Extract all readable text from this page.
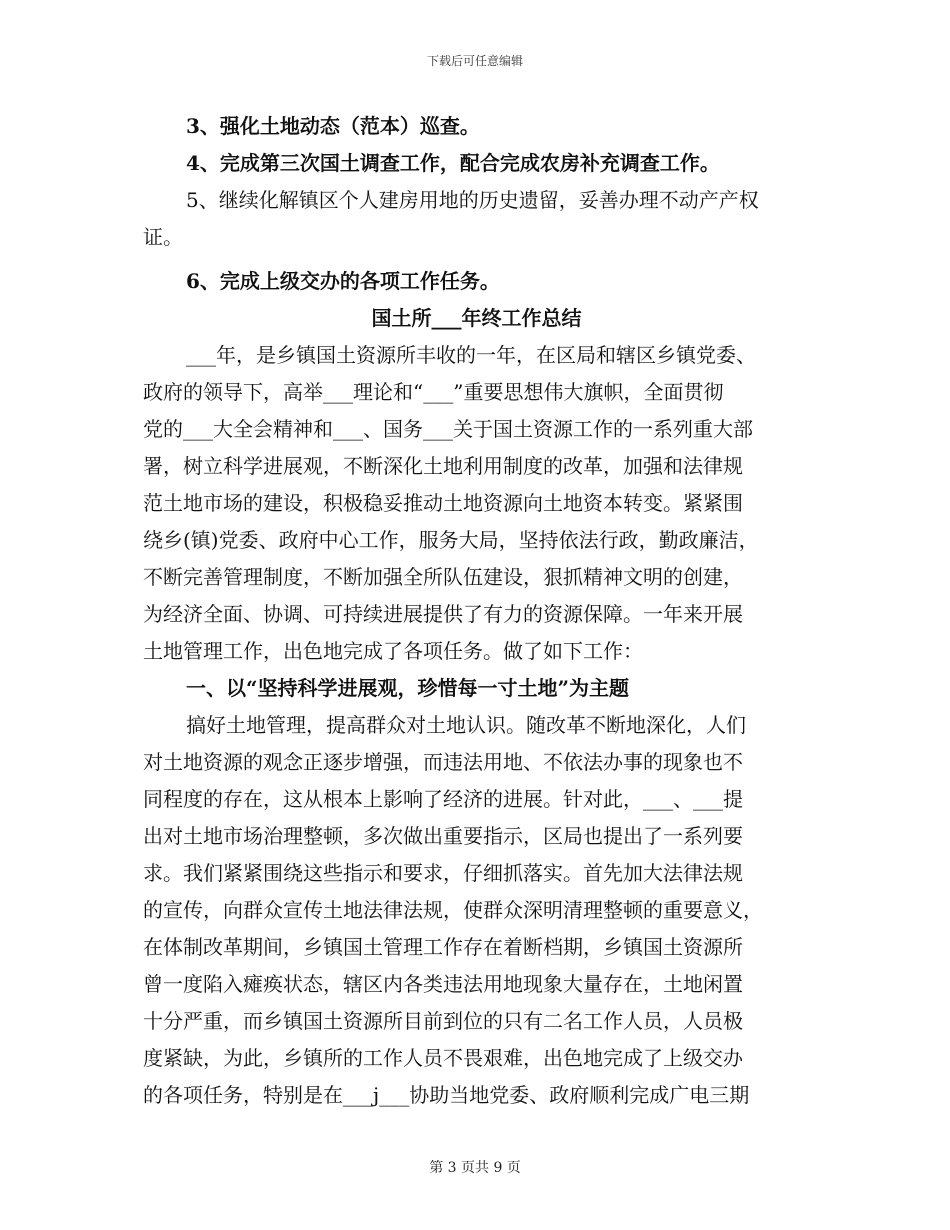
下载后可任意编辑
3、强化土地动态（范本）巡查。
4、完成第三次国土调查工作，配合完成农房补充调查工作。
5、继续化解镇区个人建房用地的历史遗留，妥善办理不动产产权
证。
6、完成上级交办的各项工作任务。
国土所___年终工作总结
___年，是乡镇国土资源所丰收的一年，在区局和辖区乡镇党委、
政府的领导下，高举___理论和“___”重要思想伟大旗帜，全面贯彻
党的___大全会精神和___、国务___关于国土资源工作的一系列重大部
署，树立科学进展观，不断深化土地利用制度的改革，加强和法律规
范土地市场的建设，积极稳妥推动土地资源向土地资本转变。紧紧围
绕乡(镇)党委、政府中心工作，服务大局，坚持依法行政，勤政廉洁，
不断完善管理制度，不断加强全所队伍建设，狠抓精神文明的创建，
为经济全面、协调、可持续进展提供了有力的资源保障。一年来开展
土地管理工作，出色地完成了各项任务。做了如下工作：
一、以“坚持科学进展观，珍惜每一寸土地”为主题
搞好土地管理，提高群众对土地认识。随改革不断地深化，人们
对土地资源的观念正逐步增强，而违法用地、不依法办事的现象也不
同程度的存在，这从根本上影响了经济的进展。针对此，___、___提
出对土地市场治理整顿，多次做出重要指示，区局也提出了一系列要
求。我们紧紧围绕这些指示和要求，仔细抓落实。首先加大法律法规
的宣传，向群众宣传土地法律法规，使群众深明清理整顿的重要意义，
在体制改革期间，乡镇国土管理工作存在着断档期，乡镇国土资源所
曾一度陷入瘫痪状态，辖区内各类违法用地现象大量存在，土地闲置
十分严重，而乡镇国土资源所目前到位的只有二名工作人员，人员极
度紧缺，为此，乡镇所的工作人员不畏艰难，出色地完成了上级交办
的各项任务，特别是在___j___协助当地党委、政府顺利完成广电三期
第 3 页共 9 页
